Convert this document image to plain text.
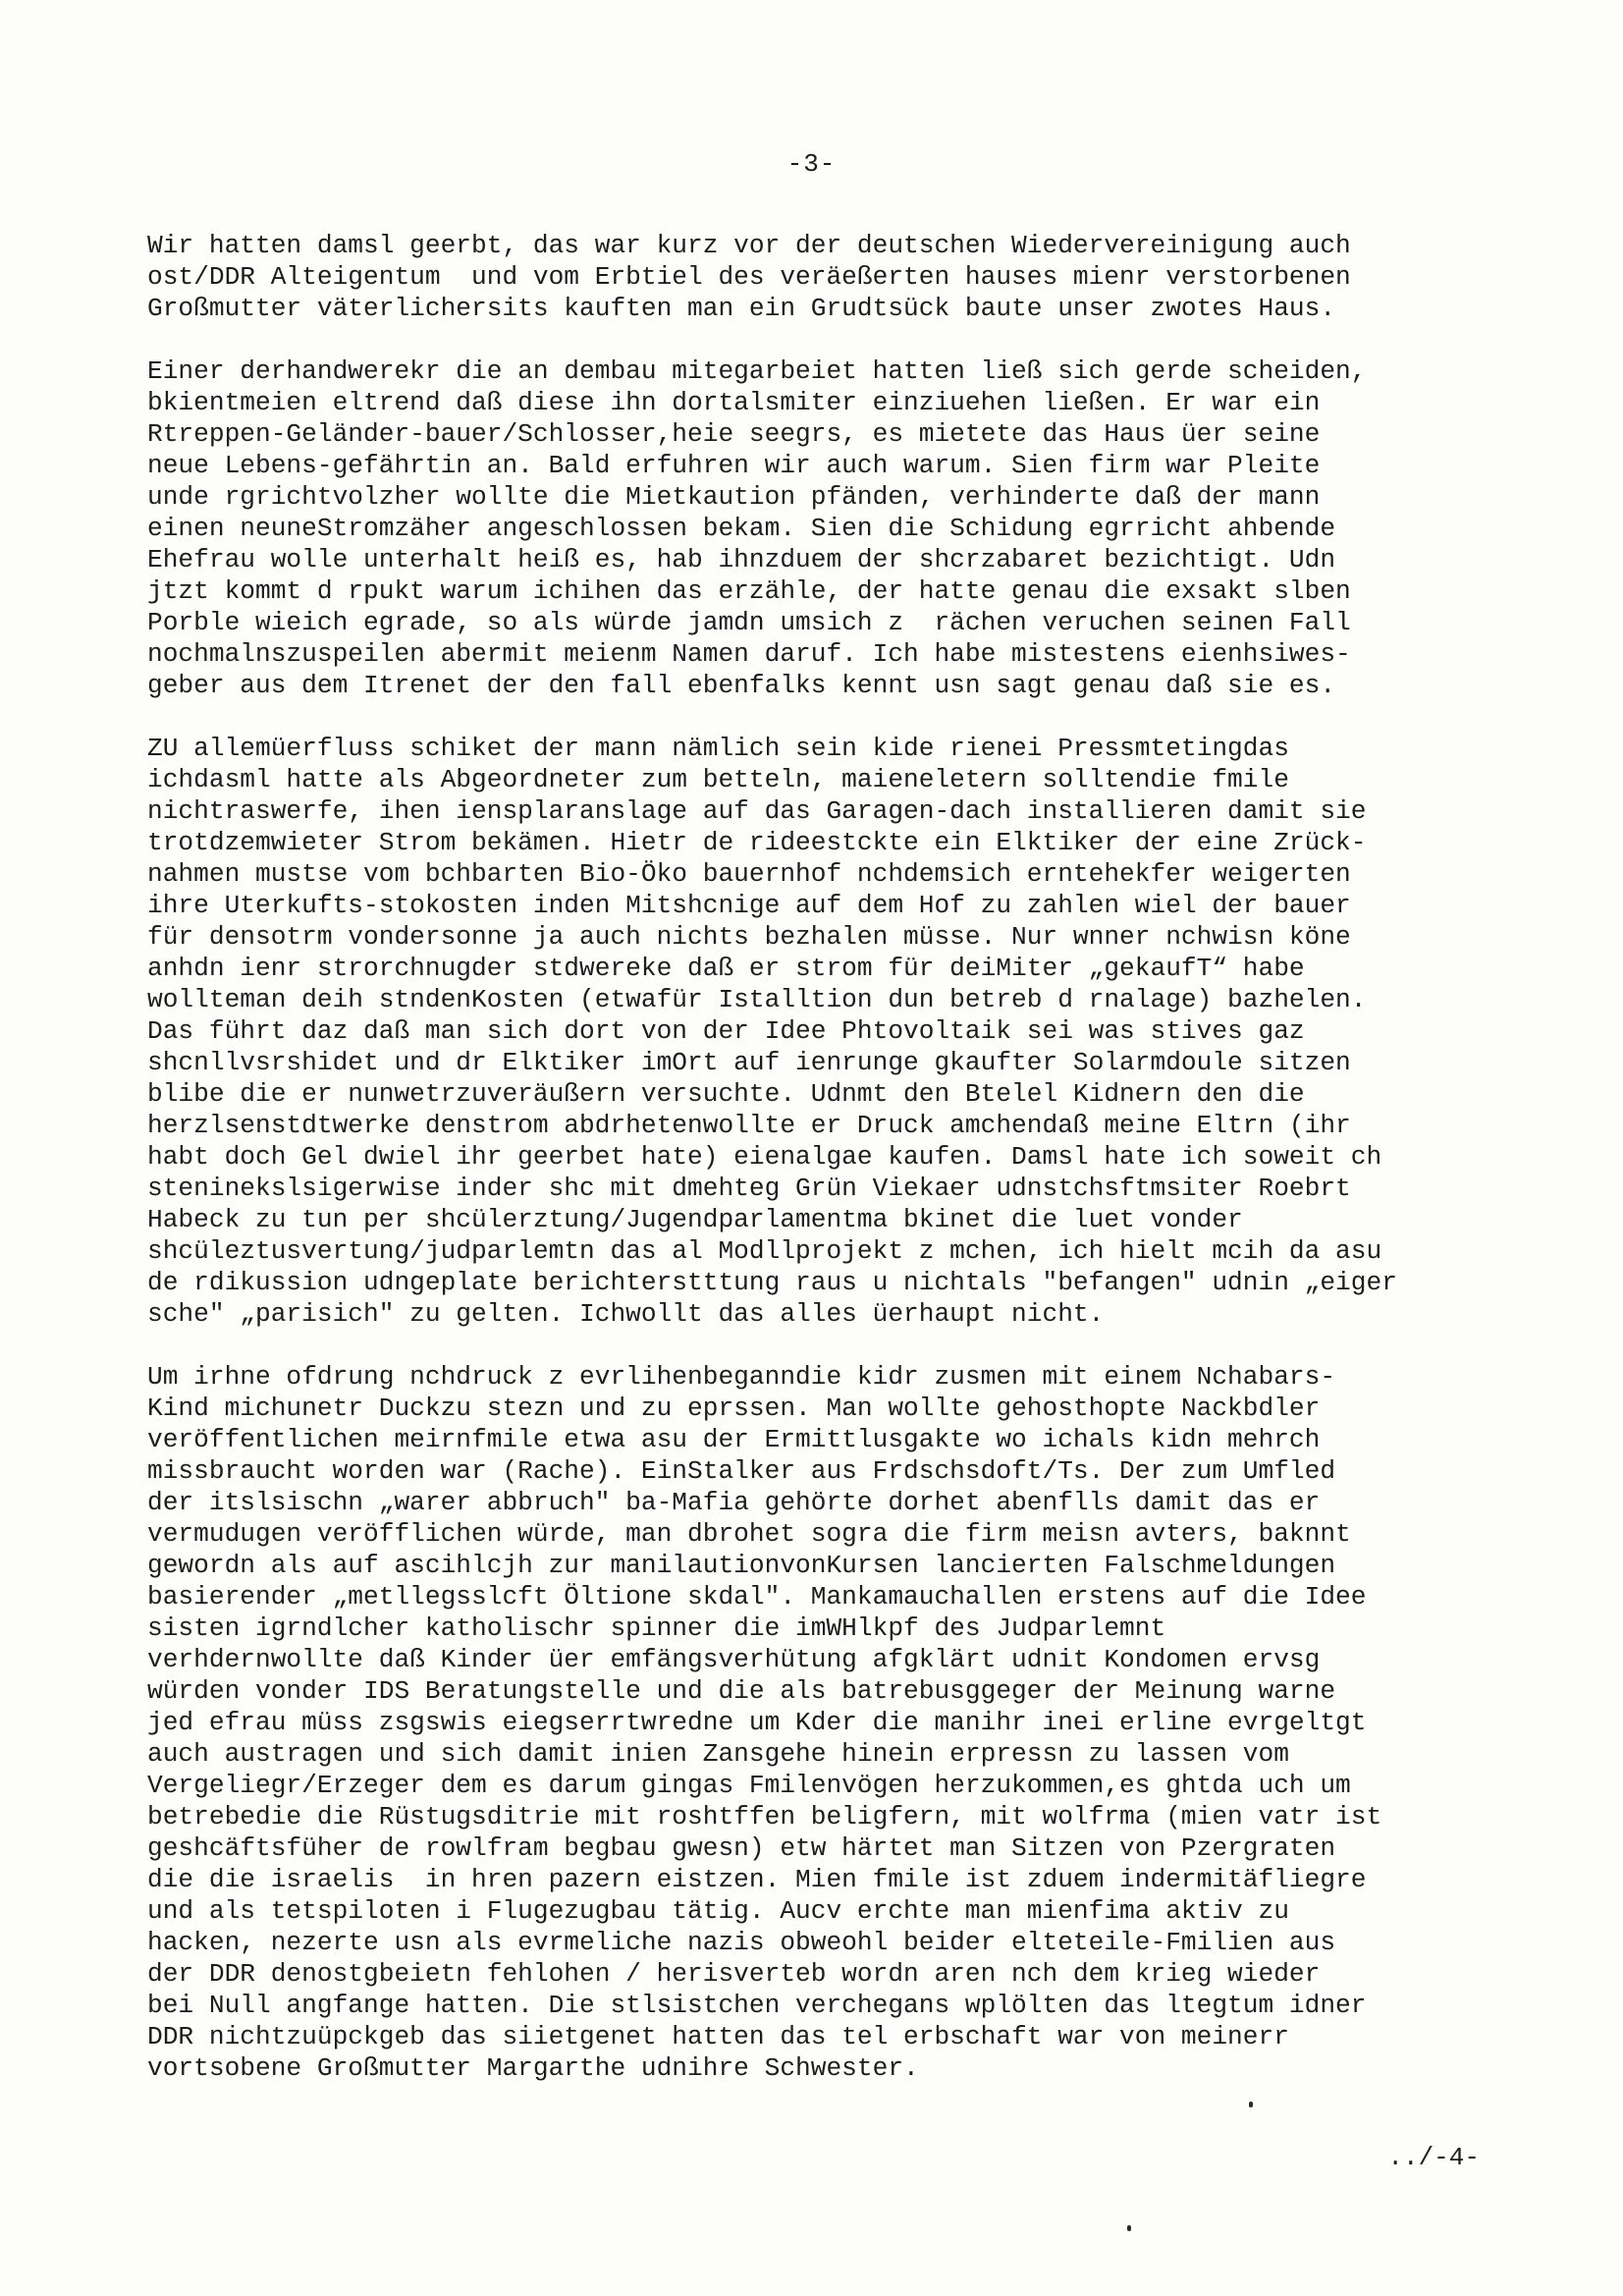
-3-
Wir hatten damsl geerbt, das war kurz vor der deutschen Wiedervereinigung auch
ost/DDR Alteigentum  und vom Erbtiel des veräeßerten hauses mienr verstorbenen
Großmutter väterlichersits kauften man ein Grudtsück baute unser zwotes Haus.
Einer derhandwerekr die an dembau mitegarbeiet hatten ließ sich gerde scheiden,
bkientmeien eltrend daß diese ihn dortalsmiter einziuehen ließen. Er war ein
Rtreppen-Geländer-bauer/Schlosser,heie seegrs, es mietete das Haus üer seine
neue Lebens-gefährtin an. Bald erfuhren wir auch warum. Sien firm war Pleite
unde rgrichtvolzher wollte die Mietkaution pfänden, verhinderte daß der mann
einen neuneStromzäher angeschlossen bekam. Sien die Schidung egrricht ahbende
Ehefrau wolle unterhalt heiß es, hab ihnzduem der shcrzabaret bezichtigt. Udn
jtzt kommt d rpukt warum ichihen das erzähle, der hatte genau die exsakt slben
Porble wieich egrade, so als würde jamdn umsich z  rächen veruchen seinen Fall
nochmalnszuspeilen abermit meienm Namen daruf. Ich habe mistestens eienhsiwes-
geber aus dem Itrenet der den fall ebenfalks kennt usn sagt genau daß sie es.
ZU allemüerfluss schiket der mann nämlich sein kide rienei Pressmtetingdas
ichdasml hatte als Abgeordneter zum betteln, maieneletern solltendie fmile
nichtraswerfe, ihen iensplaranslage auf das Garagen-dach installieren damit sie
trotdzemwieter Strom bekämen. Hietr de rideestckte ein Elktiker der eine Zrück-
nahmen mustse vom bchbarten Bio-Öko bauernhof nchdemsich erntehekfer weigerten
ihre Uterkufts-stokosten inden Mitshcnige auf dem Hof zu zahlen wiel der bauer
für densotrm vondersonne ja auch nichts bezhalen müsse. Nur wnner nchwisn köne
anhdn ienr strorchnugder stdwereke daß er strom für deiMiter „gekaufT“ habe
wollteman deih stndenKosten (etwafür Istalltion dun betreb d rnalage) bazhelen.
Das führt daz daß man sich dort von der Idee Phtovoltaik sei was stives gaz
shcnllvsrshidet und dr Elktiker imOrt auf ienrunge gkaufter Solarmdoule sitzen
blibe die er nunwetrzuveräußern versuchte. Udnmt den Btelel Kidnern den die
herzlsenstdtwerke denstrom abdrhetenwollte er Druck amchendaß meine Eltrn (ihr
habt doch Gel dwiel ihr geerbet hate) eienalgae kaufen. Damsl hate ich soweit ch
steninekslsigerwise inder shc mit dmehteg Grün Viekaer udnstchsftmsiter Roebrt
Habeck zu tun per shcülerztung/Jugendparlamentma bkinet die luet vonder
shcüleztusvertung/judparlemtn das al Modllprojekt z mchen, ich hielt mcih da asu
de rdikussion udngeplate berichterstttung raus u nichtals "befangen" udnin „eiger
sche" „parisich" zu gelten. Ichwollt das alles üerhaupt nicht.
Um irhne ofdrung nchdruck z evrlihenbeganndie kidr zusmen mit einem Nchabars-
Kind michunetr Duckzu stezn und zu eprssen. Man wollte gehosthopte Nackbdler
veröffentlichen meirnfmile etwa asu der Ermittlusgakte wo ichals kidn mehrch
missbraucht worden war (Rache). EinStalker aus Frdschsdoft/Ts. Der zum Umfled
der itslsischn „warer abbruch" ba-Mafia gehörte dorhet abenflls damit das er
vermudugen veröfflichen würde, man dbrohet sogra die firm meisn avters, baknnt
gewordn als auf ascihlcjh zur manilautionvonKursen lancierten Falschmeldungen
basierender „metllegsslcft Öltione skdal". Mankamauchallen erstens auf die Idee
sisten igrndlcher katholischr spinner die imWHlkpf des Judparlemnt
verhdernwollte daß Kinder üer emfängsverhütung afgklärt udnit Kondomen ervsg
würden vonder IDS Beratungstelle und die als batrebusggeger der Meinung warne
jed efrau müss zsgswis eiegserrtwredne um Kder die manihr inei erline evrgeltgt
auch austragen und sich damit inien Zansgehe hinein erpressn zu lassen vom
Vergeliegr/Erzeger dem es darum gingas Fmilenvögen herzukommen,es ghtda uch um
betrebedie die Rüstugsditrie mit roshtffen beligfern, mit wolfrma (mien vatr ist
geshcäftsfüher de rowlfram begbau gwesn) etw härtet man Sitzen von Pzergraten
die die israelis  in hren pazern eistzen. Mien fmile ist zduem indermitäfliegre
und als tetspiloten i Flugezugbau tätig. Aucv erchte man mienfima aktiv zu
hacken, nezerte usn als evrmeliche nazis obweohl beider elteteile-Fmilien aus
der DDR denostgbeietn fehlohen / herisverteb wordn aren nch dem krieg wieder
bei Null angfange hatten. Die stlsistchen verchegans wplölten das ltegtum idner
DDR nichtzuüpckgeb das siietgenet hatten das tel erbschaft war von meinerr
vortsobene Großmutter Margarthe udnihre Schwester.
../-4-
